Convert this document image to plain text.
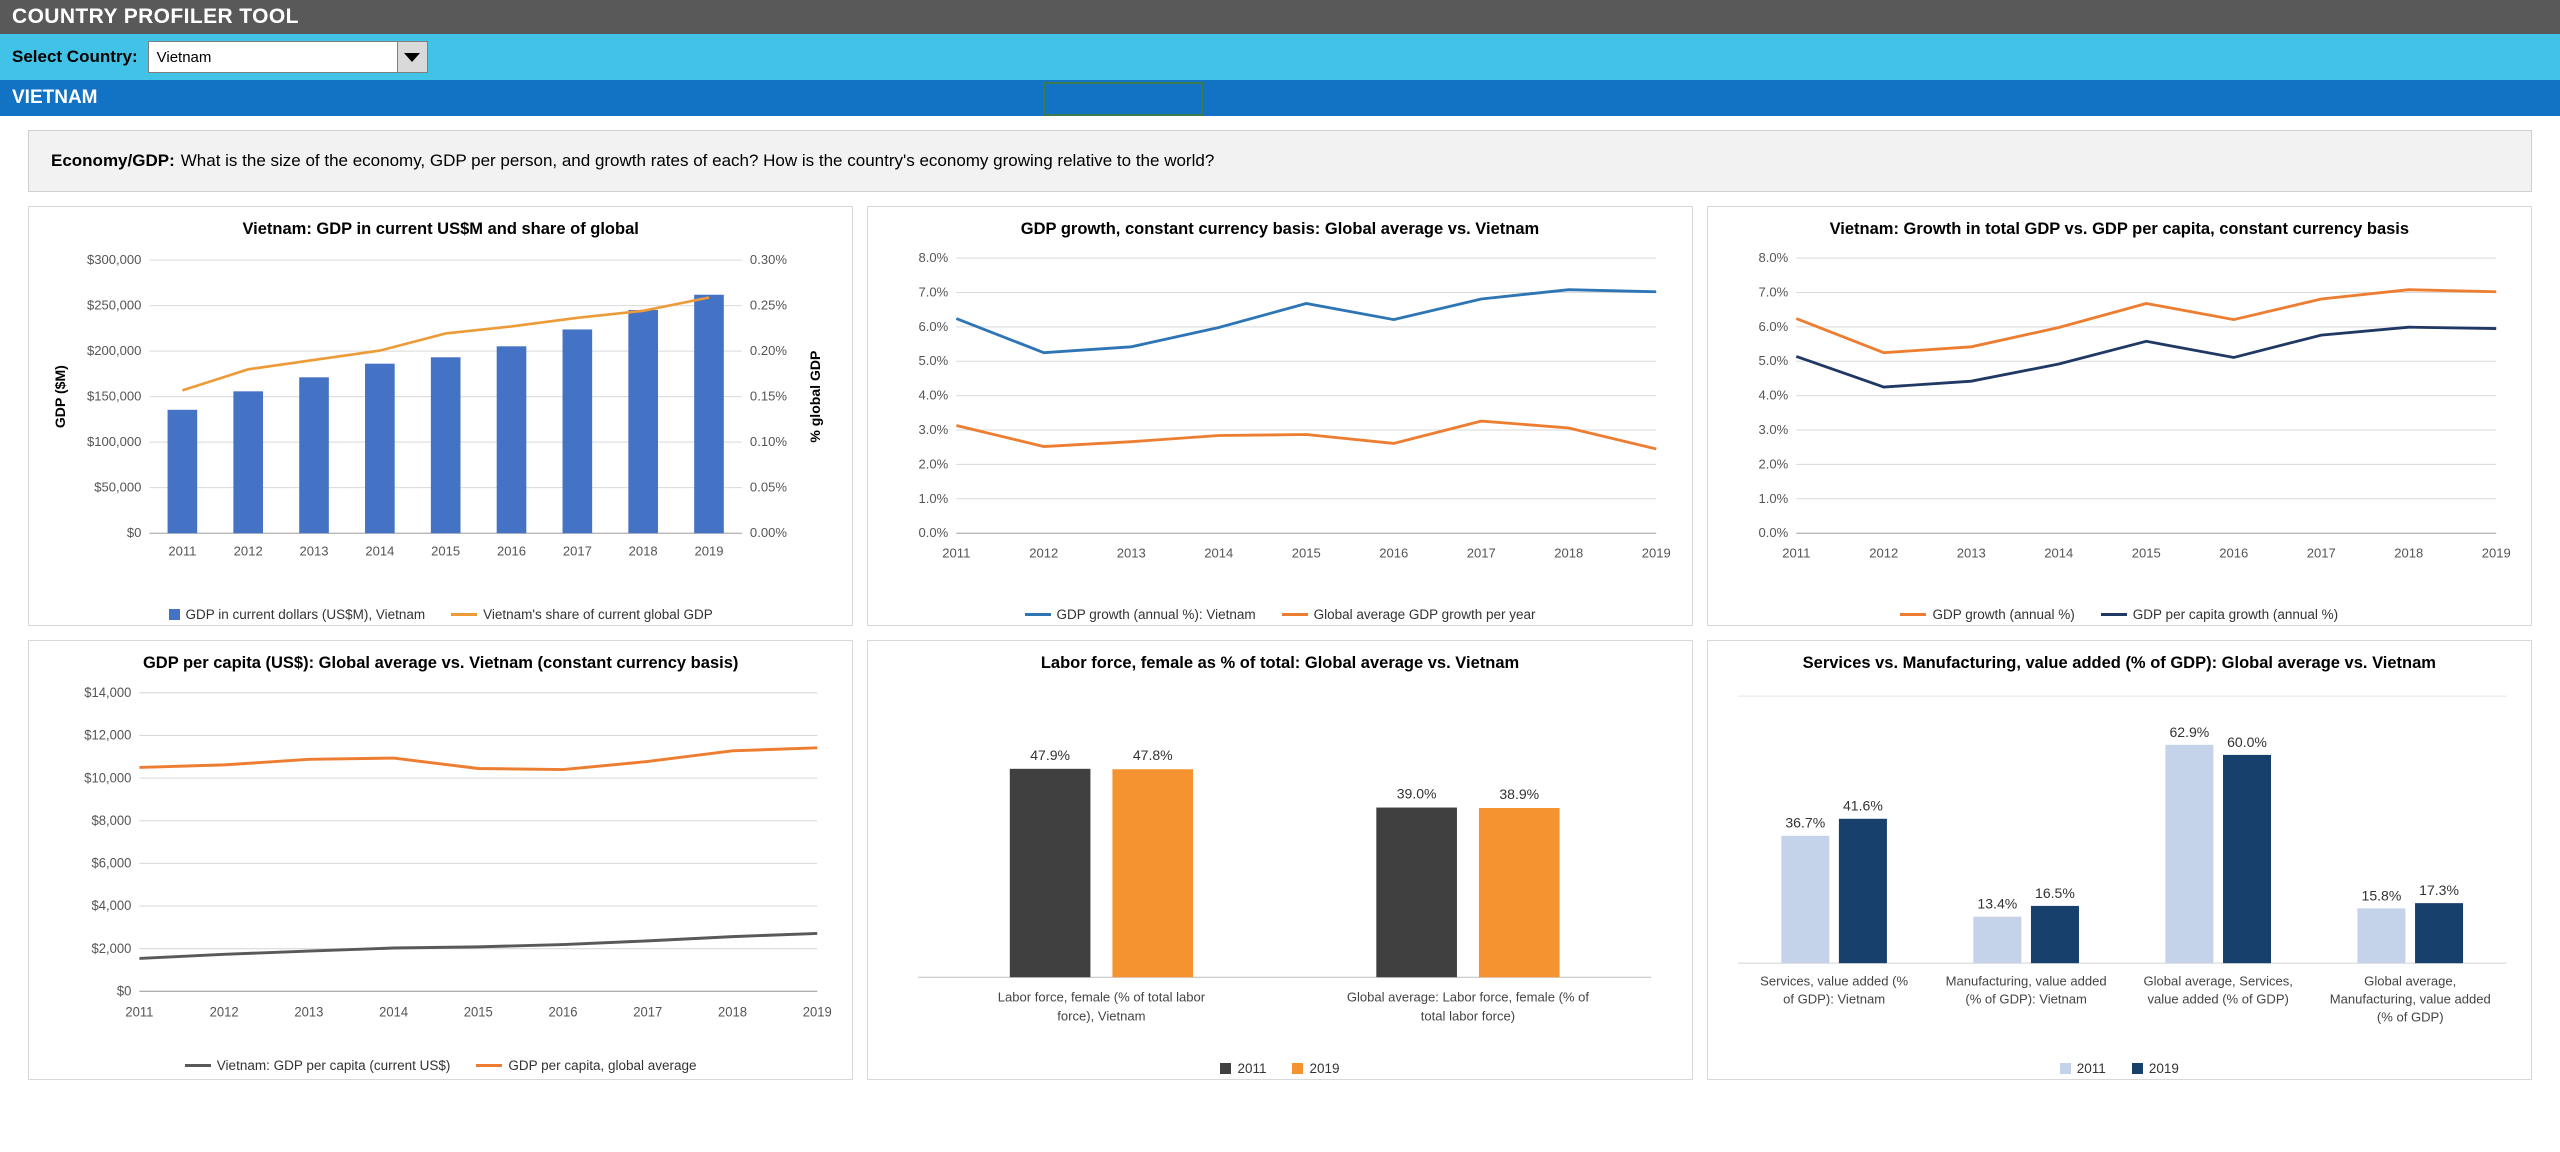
COUNTRY PROFILER TOOL
Select Country:	Vietnam
VIETNAM
Economy/GDP: What is the size of the economy, GDP per person, and growth rates of each? How is the country's economy growing relative to the world?
Vietnam: GDP in current US$M and share of global
$0	0.00%
$50,000	0.05%
$100,000	0.10%
$150,000	0.15%
$200,000	0.20%
$250,000	0.25%
$300,000	0.30%
2011	2012	2013	2014	2015	2016	2017	2018	2019
GDP ($M)	% global GDP
GDP in current dollars (US$M), Vietnam	Vietnam's share of current global GDP
GDP growth, constant currency basis: Global average vs. Vietnam
0.0%
1.0%
2.0%
3.0%
4.0%
5.0%
6.0%
7.0%
8.0%
2011	2012	2013	2014	2015	2016	2017	2018	2019
GDP growth (annual %): Vietnam	Global average GDP growth per year
Vietnam: Growth in total GDP vs. GDP per capita, constant currency basis
0.0%
1.0%
2.0%
3.0%
4.0%
5.0%
6.0%
7.0%
8.0%
2011	2012	2013	2014	2015	2016	2017	2018	2019
GDP growth (annual %)	GDP per capita growth (annual %)
GDP per capita (US$): Global average vs. Vietnam (constant currency basis)
$0
$2,000
$4,000
$6,000
$8,000
$10,000
$12,000
$14,000
2011	2012	2013	2014	2015	2016	2017	2018	2019
Vietnam: GDP per capita (current US$)	GDP per capita, global average
Labor force, female as % of total: Global average vs. Vietnam
47.9%	47.8%
Labor force, female (% of total labor
force), Vietnam
39.0%	38.9%
Global average: Labor force, female (% of
total labor force)
2011	2019
Services vs. Manufacturing, value added (% of GDP): Global average vs. Vietnam
36.7%
41.6%
Services, value added (%
of GDP): Vietnam
13.4%
16.5%
Manufacturing, value added
(% of GDP): Vietnam
62.9%
60.0%
Global average, Services,
value added (% of GDP)
15.8% 17.3%
Global average,
Manufacturing, value added
(% of GDP)
2011	2019
